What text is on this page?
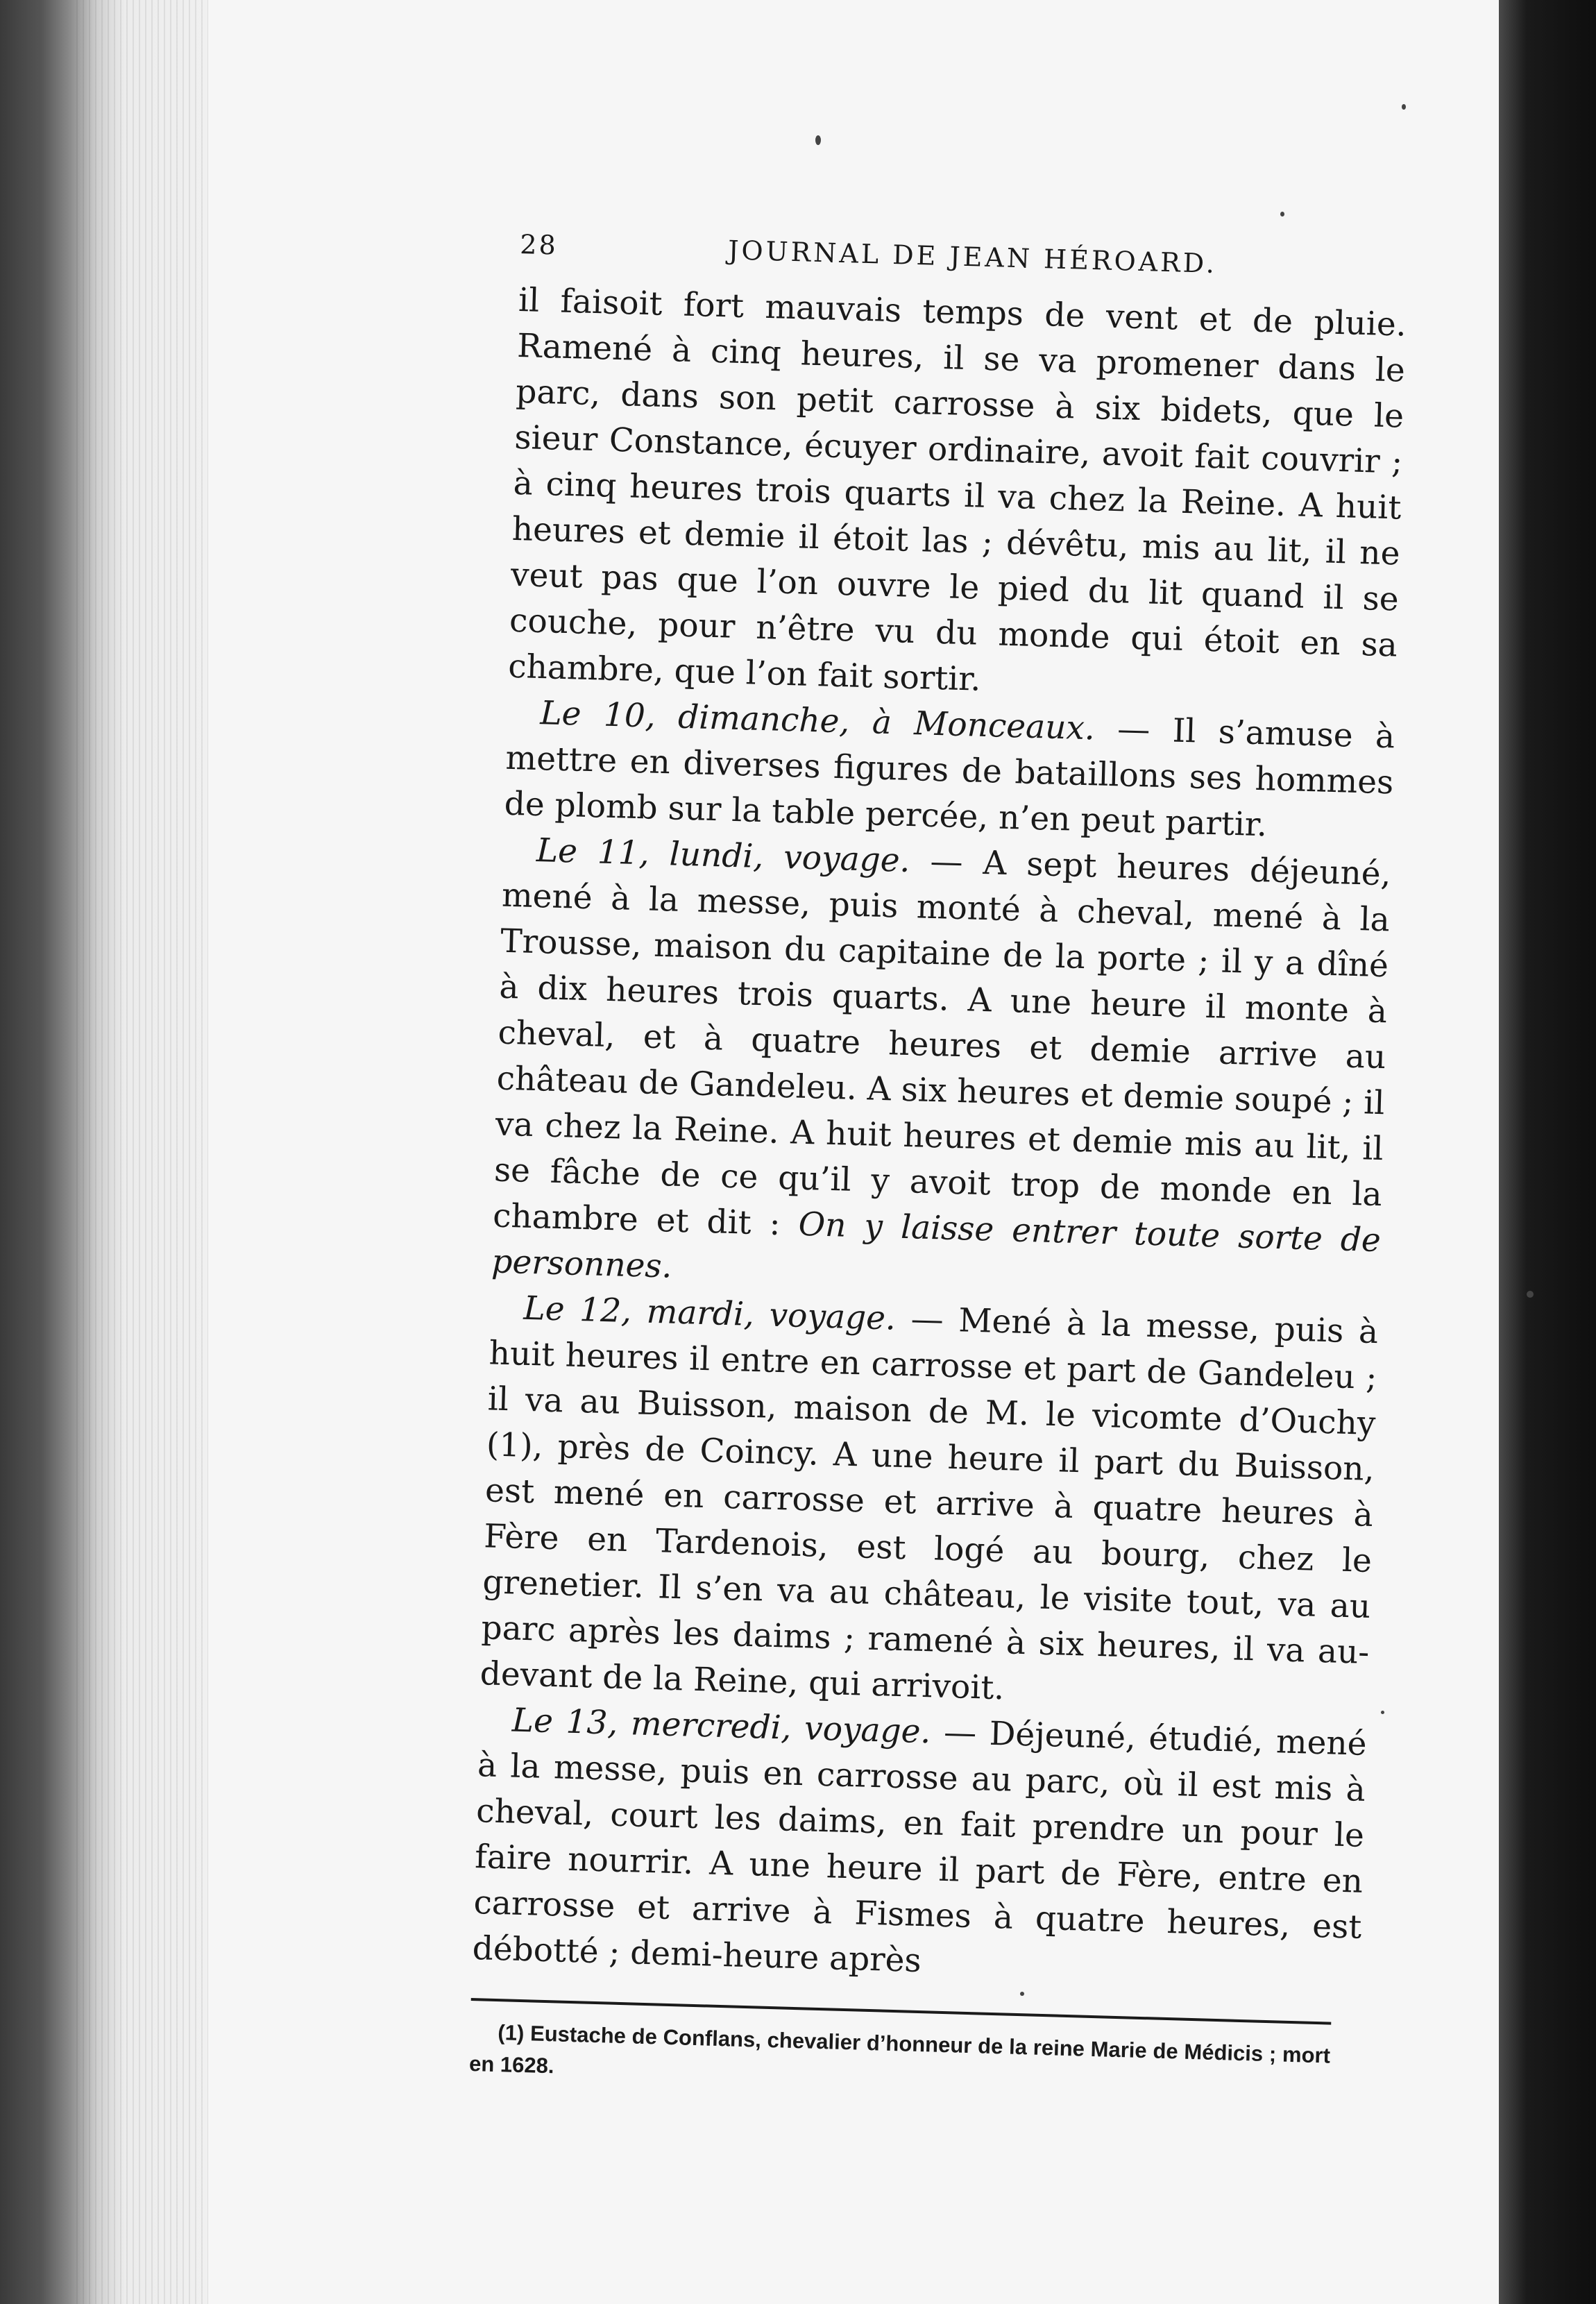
28	JOURNAL DE JEAN HÉROARD.

il faisoit fort mauvais temps de vent et de pluie. Ramené à cinq heures, il se va promener dans le parc, dans son petit carrosse à six bidets, que le sieur Constance, écuyer ordinaire, avoit fait couvrir ; à cinq heures trois quarts il va chez la Reine. A huit heures et demie il étoit las ; dévêtu, mis au lit, il ne veut pas que l’on ouvre le pied du lit quand il se couche, pour n’être vu du monde qui étoit en sa chambre, que l’on fait sortir.

Le 10, dimanche, à Monceaux. — Il s’amuse à mettre en diverses figures de bataillons ses hommes de plomb sur la table percée, n’en peut partir.

Le 11, lundi, voyage. — A sept heures déjeuné, mené à la messe, puis monté à cheval, mené à la Trousse, maison du capitaine de la porte ; il y a dîné à dix heures trois quarts. A une heure il monte à cheval, et à quatre heures et demie arrive au château de Gandeleu. A six heures et demie soupé ; il va chez la Reine. A huit heures et demie mis au lit, il se fâche de ce qu’il y avoit trop de monde en la chambre et dit : On y laisse entrer toute sorte de personnes.

Le 12, mardi, voyage. — Mené à la messe, puis à huit heures il entre en carrosse et part de Gandeleu ; il va au Buisson, maison de M. le vicomte d’Ouchy (1), près de Coincy. A une heure il part du Buisson, est mené en carrosse et arrive à quatre heures à Fère en Tardenois, est logé au bourg, chez le grenetier. Il s’en va au château, le visite tout, va au parc après les daims ; ramené à six heures, il va au-devant de la Reine, qui arrivoit.

Le 13, mercredi, voyage. — Déjeuné, étudié, mené à la messe, puis en carrosse au parc, où il est mis à cheval, court les daims, en fait prendre un pour le faire nourrir. A une heure il part de Fère, entre en carrosse et arrive à Fismes à quatre heures, est débotté ; demi-heure après

(1) Eustache de Conflans, chevalier d’honneur de la reine Marie de Médicis ; mort en 1628.
